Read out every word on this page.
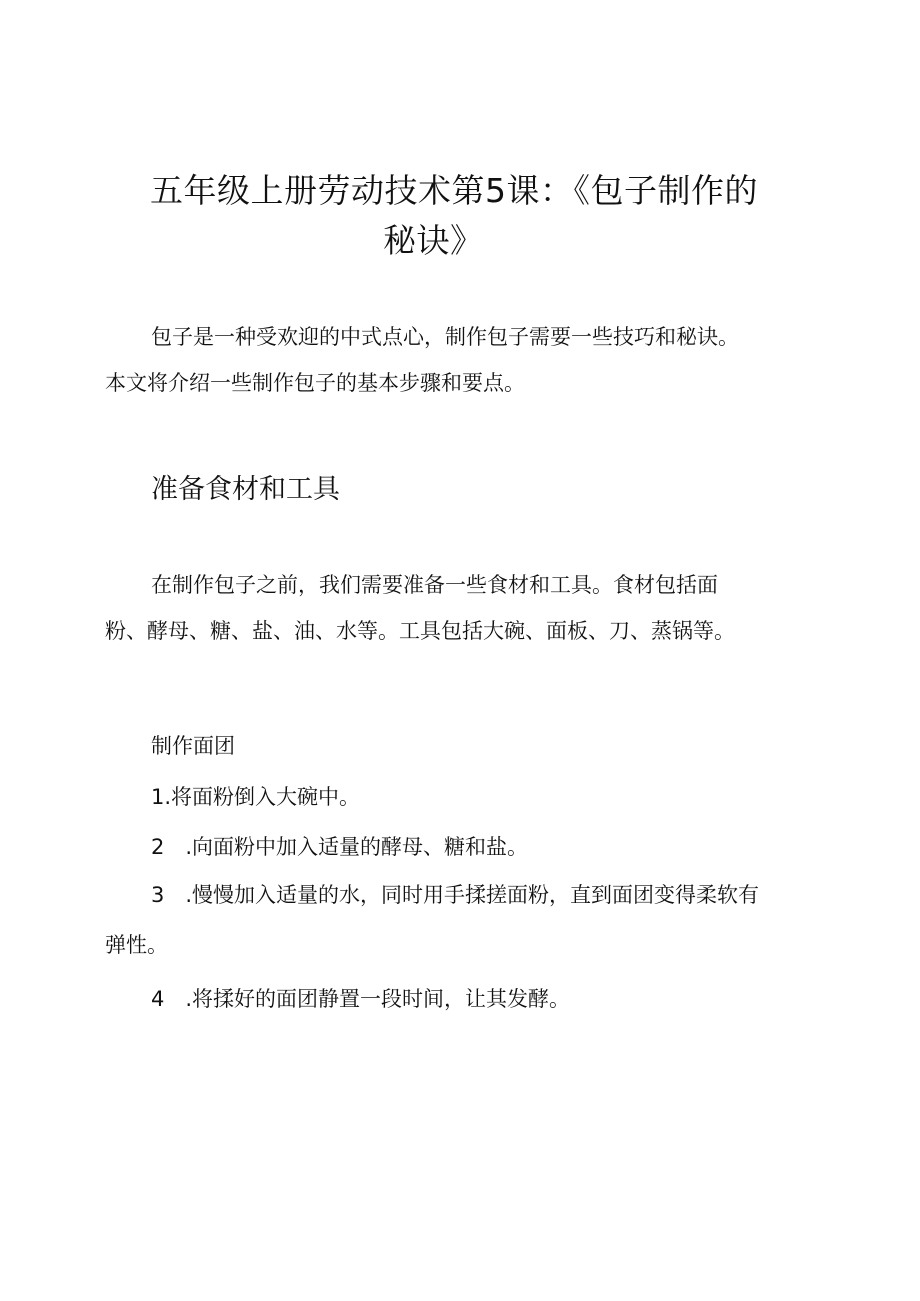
五年级上册劳动技术第5课：《包子制作的
秘诀》

包子是一种受欢迎的中式点心，制作包子需要一些技巧和秘诀。
本文将介绍一些制作包子的基本步骤和要点。

准备食材和工具

在制作包子之前，我们需要准备一些食材和工具。食材包括面
粉、酵母、糖、盐、油、水等。工具包括大碗、面板、刀、蒸锅等。

制作面团

1.将面粉倒入大碗中。

2 .向面粉中加入适量的酵母、糖和盐。

3 .慢慢加入适量的水，同时用手揉搓面粉，直到面团变得柔软有
弹性。

4 .将揉好的面团静置一段时间，让其发酵。
